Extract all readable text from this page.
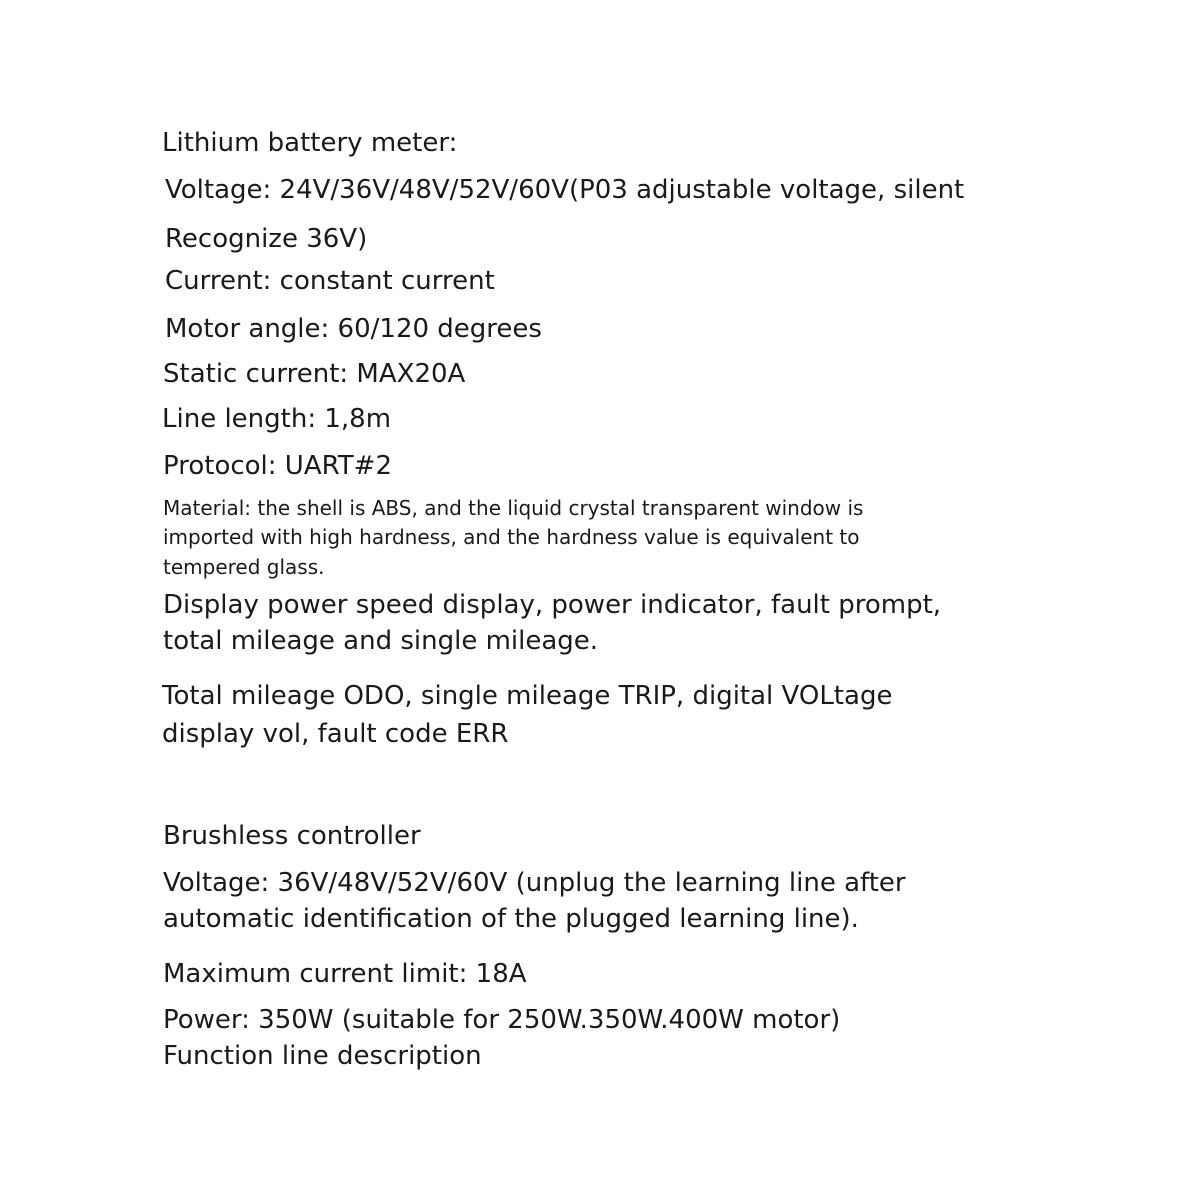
Lithium battery meter:
Voltage: 24V/36V/48V/52V/60V(P03 adjustable voltage, silent
Recognize 36V)
Current: constant current
Motor angle: 60/120 degrees
Static current: MAX20A
Line length: 1,8m
Protocol: UART#2
Material: the shell is ABS, and the liquid crystal transparent window is
imported with high hardness, and the hardness value is equivalent to
tempered glass.
Display power speed display, power indicator, fault prompt,
total mileage and single mileage.
Total mileage ODO, single mileage TRIP, digital VOLtage
display vol, fault code ERR
Brushless controller
Voltage: 36V/48V/52V/60V (unplug the learning line after
automatic identification of the plugged learning line).
Maximum current limit: 18A
Power: 350W (suitable for 250W.350W.400W motor)
Function line description
